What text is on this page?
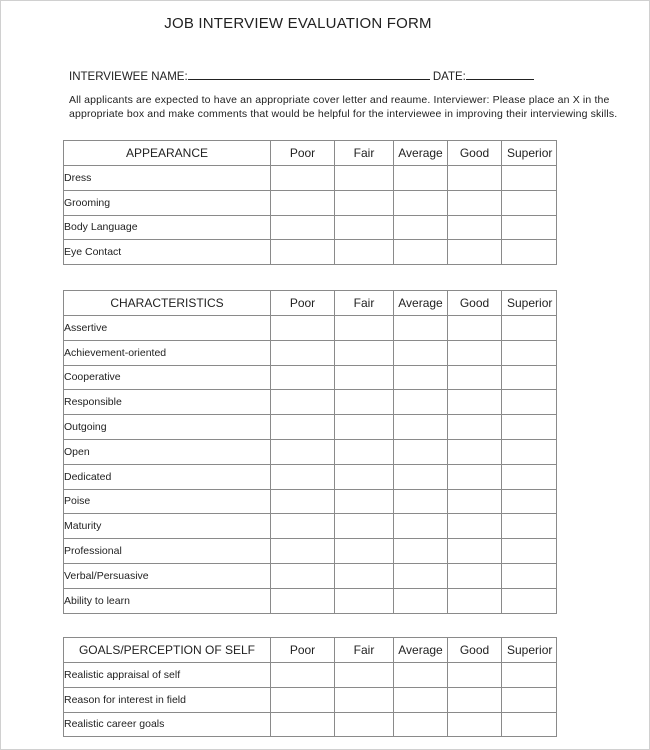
JOB INTERVIEW EVALUATION FORM
INTERVIEWEE NAME:	DATE:
All applicants are expected to have an appropriate cover letter and reaume. Interviewer: Please place an X in the appropriate box and make comments that would be helpful for the interviewee in improving their interviewing skills.
APPEARANCE	Poor	Fair	Average	Good	Superior
Dress					
Grooming					
Body Language					
Eye Contact					
CHARACTERISTICS	Poor	Fair	Average	Good	Superior
Assertive					
Achievement-oriented					
Cooperative					
Responsible					
Outgoing					
Open					
Dedicated					
Poise					
Maturity					
Professional					
Verbal/Persuasive					
Ability to learn					
GOALS/PERCEPTION OF SELF	Poor	Fair	Average	Good	Superior
Realistic appraisal of self					
Reason for interest in field					
Realistic career goals					
